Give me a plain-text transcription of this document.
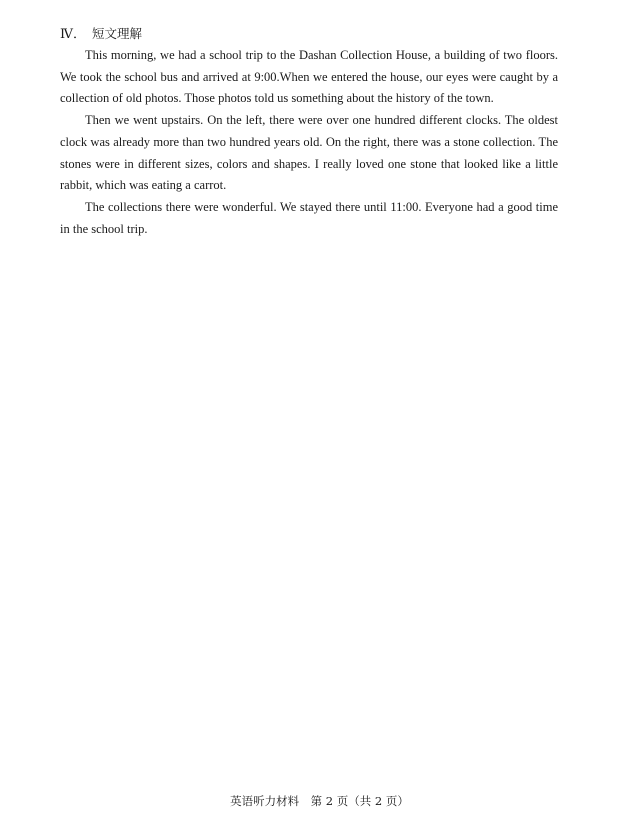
Ⅳ． 短文理解

This morning, we had a school trip to the Dashan Collection House, a building of two floors. We took the school bus and arrived at 9:00.When we entered the house, our eyes were caught by a collection of old photos. Those photos told us something about the history of the town.

Then we went upstairs. On the left, there were over one hundred different clocks. The oldest clock was already more than two hundred years old. On the right, there was a stone collection. The stones were in different sizes, colors and shapes. I really loved one stone that looked like a little rabbit, which was eating a carrot.

The collections there were wonderful. We stayed there until 11:00. Everyone had a good time in the school trip.

英语听力材料　第 2 页（共 2 页）
